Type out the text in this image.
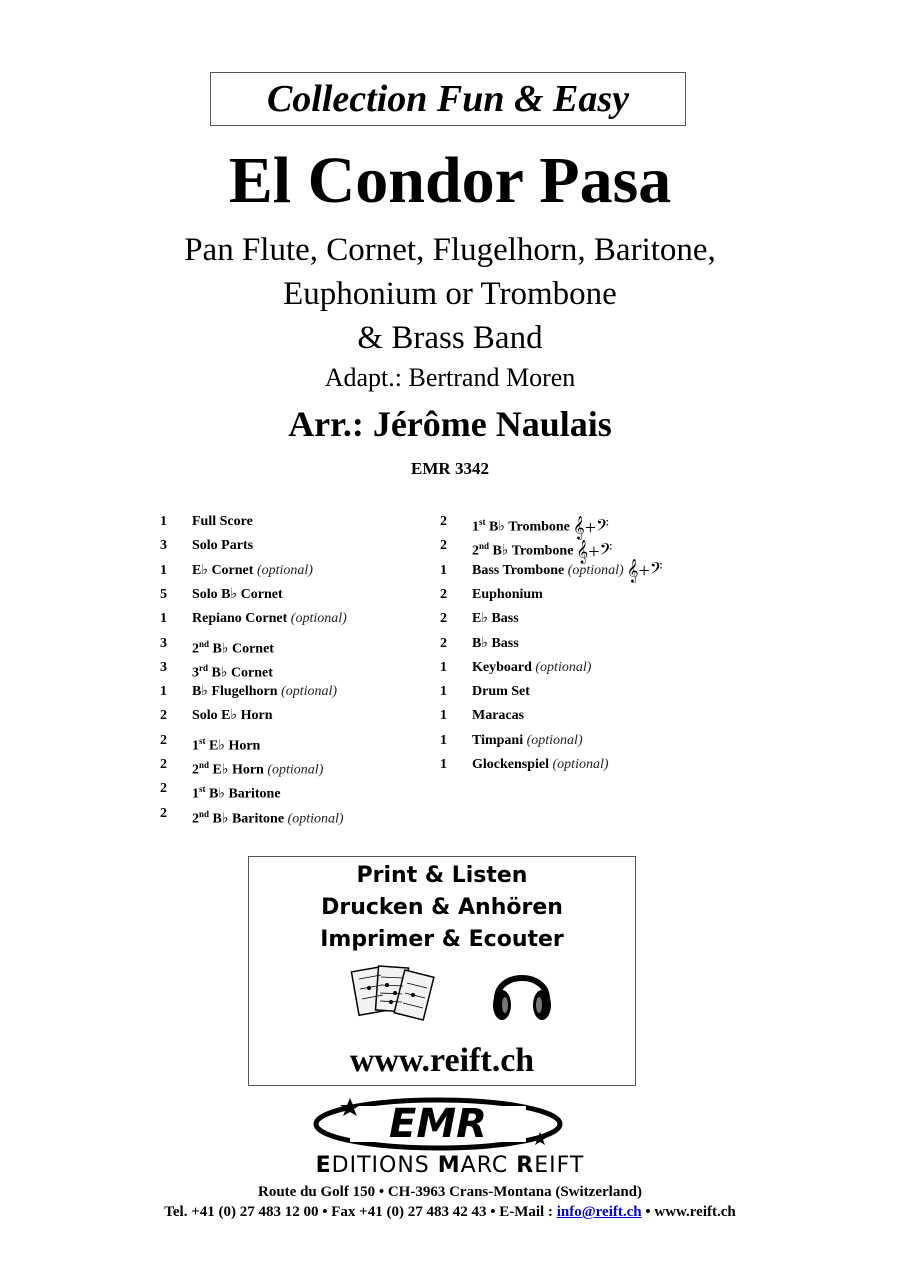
Collection Fun & Easy
El Condor Pasa
Pan Flute, Cornet, Flugelhorn, Baritone,
Euphonium or Trombone
& Brass Band
Adapt.: Bertrand Moren
Arr.: Jérôme Naulais
EMR 3342
1	Full Score
3	Solo Parts
1	E♭ Cornet (optional)
5	Solo B♭ Cornet
1	Repiano Cornet (optional)
3	2nd B♭ Cornet
3	3rd B♭ Cornet
1	B♭ Flugelhorn (optional)
2	Solo E♭ Horn
2	1st E♭ Horn
2	2nd E♭ Horn (optional)
2	1st B♭ Baritone
2	2nd B♭ Baritone (optional)
2	1st B♭ Trombone 𝄞+𝄢
2	2nd B♭ Trombone 𝄞+𝄢
1	Bass Trombone (optional) 𝄞+𝄢
2	Euphonium
2	E♭ Bass
2	B♭ Bass
1	Keyboard (optional)
1	Drum Set
1	Maracas
1	Timpani (optional)
1	Glockenspiel (optional)
Print & Listen
Drucken & Anhören
Imprimer & Ecouter
www.reift.ch
EMR
EDITIONS MARC REIFT
Route du Golf 150 • CH-3963 Crans-Montana (Switzerland)
Tel. +41 (0) 27 483 12 00 • Fax +41 (0) 27 483 42 43 • E-Mail : info@reift.ch • www.reift.ch
